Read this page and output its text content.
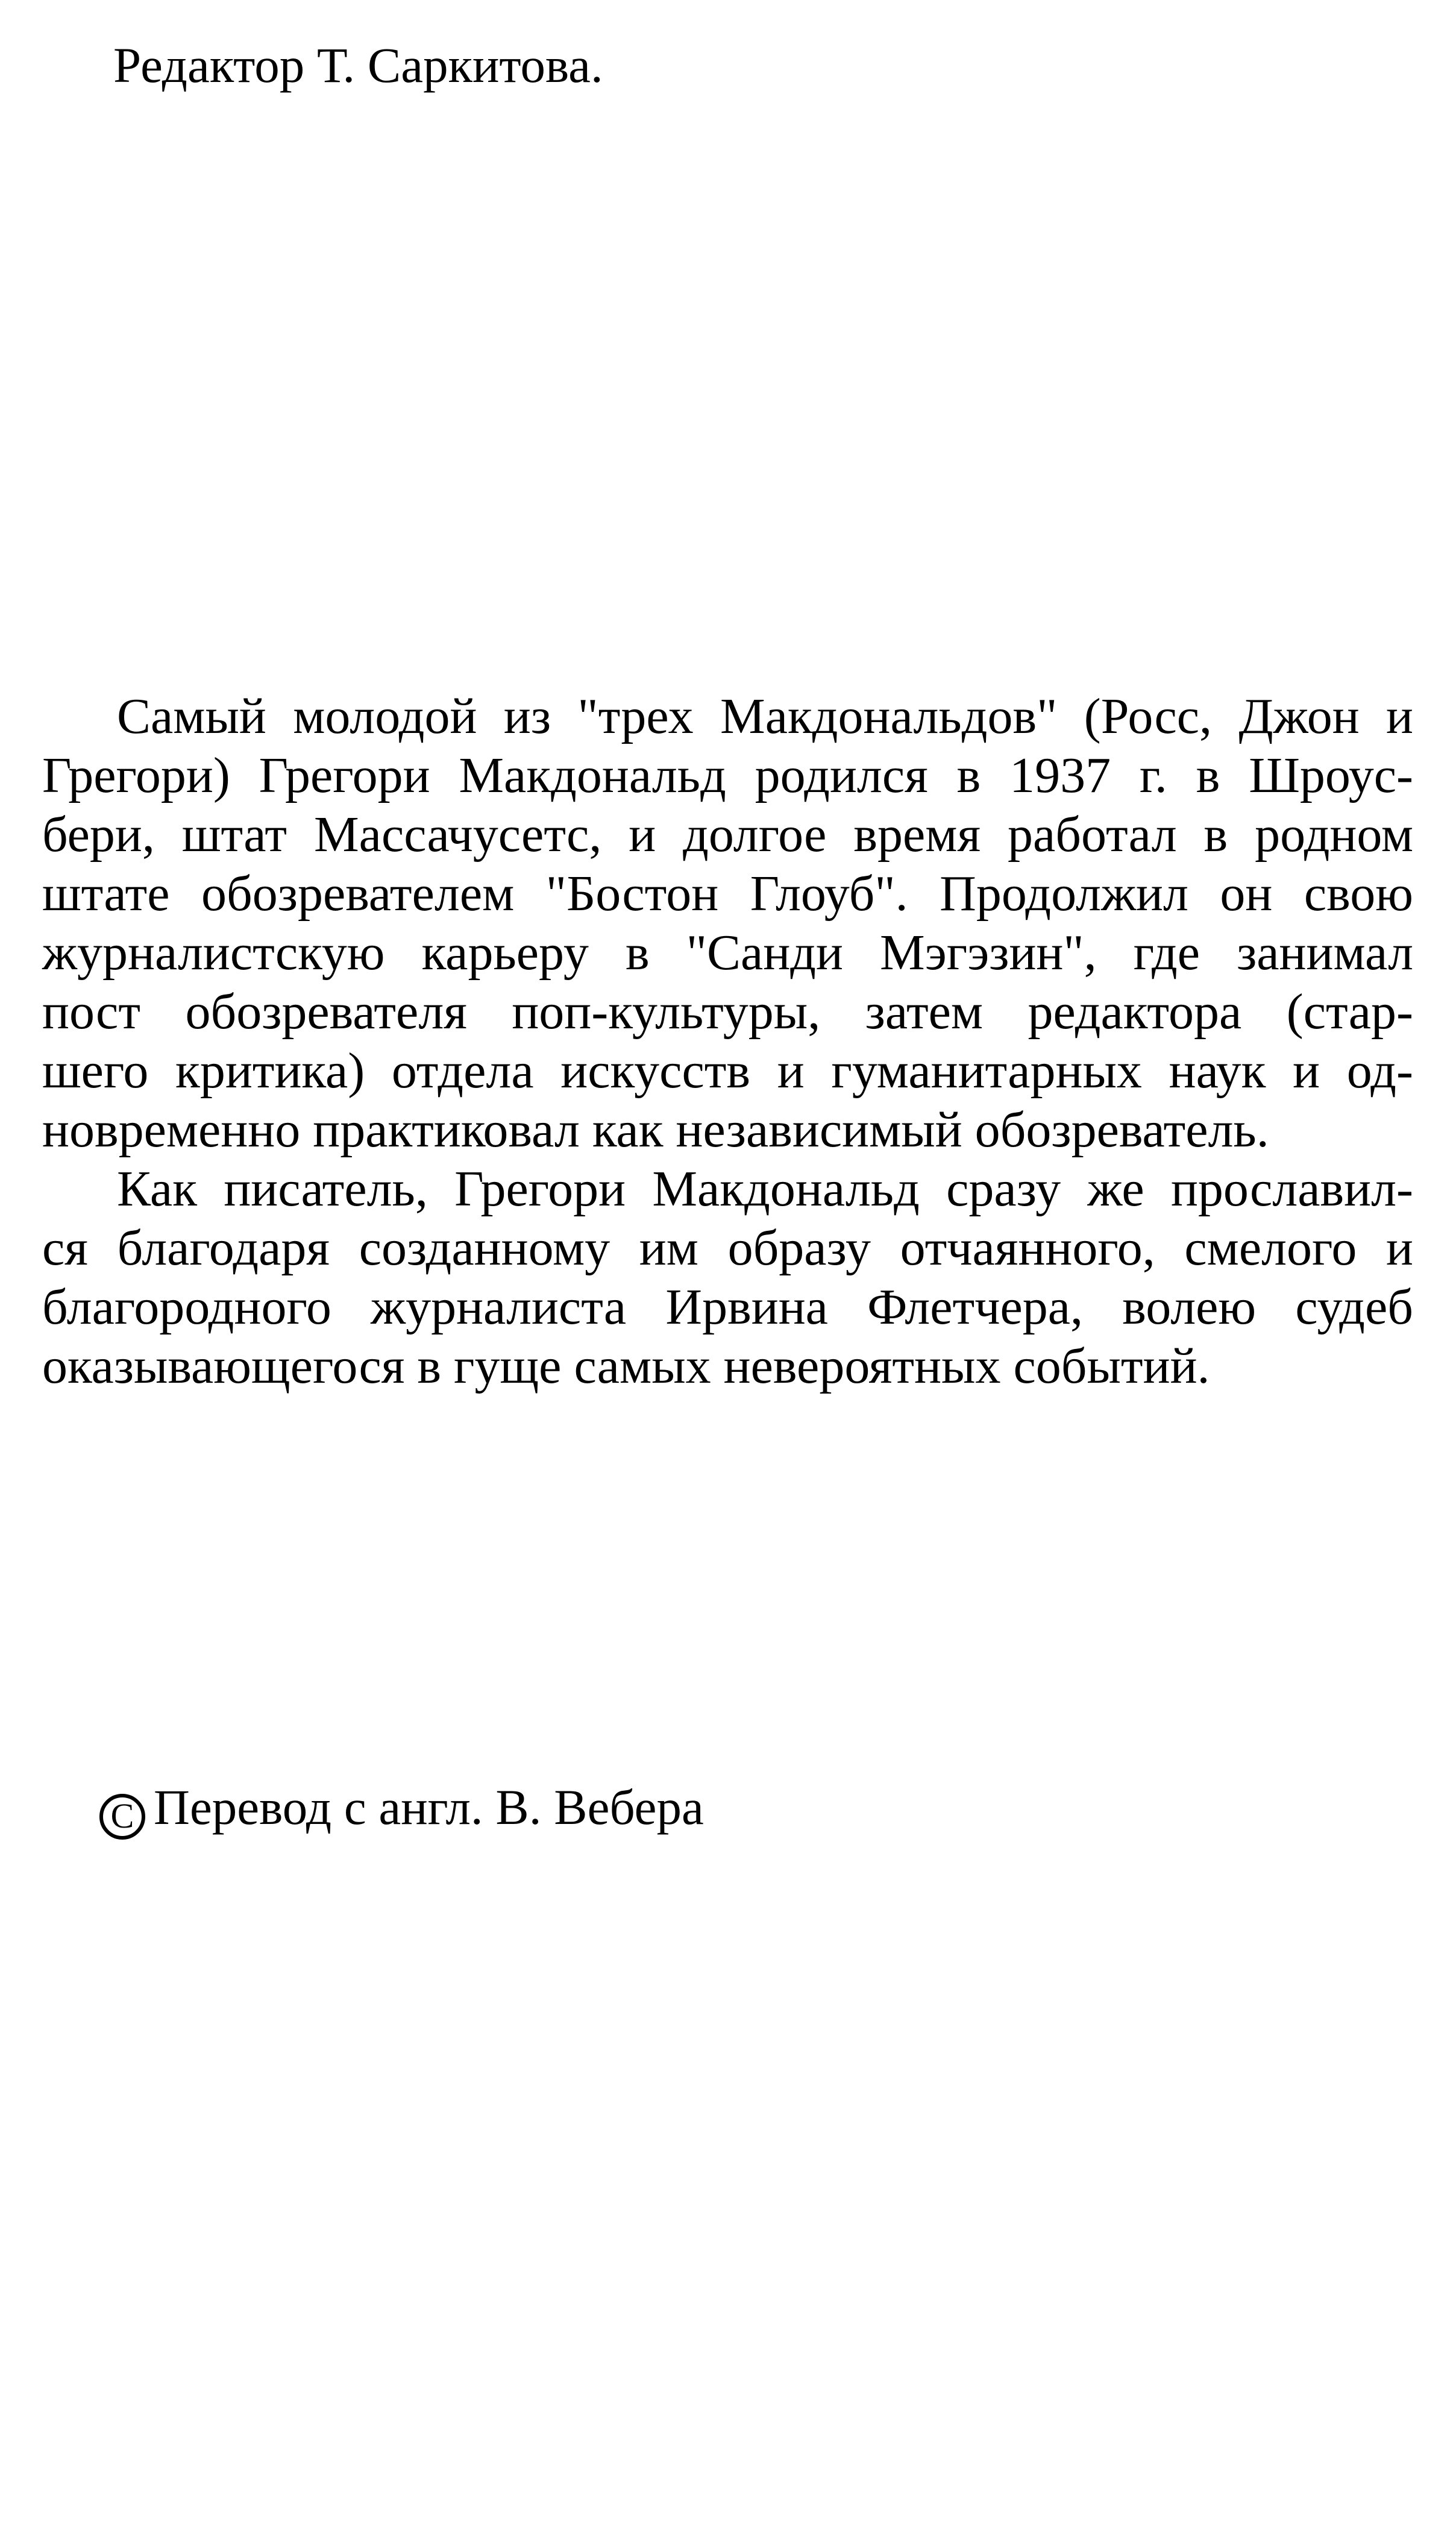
Редактор Т. Саркитова.

Самый молодой из "трех Макдональдов" (Росс, Джон и
Грегори) Грегори Макдональд родился в 1937 г. в Шроус-
бери, штат Массачусетс, и долгое время работал в родном
штате обозревателем "Бостон Глоуб". Продолжил он свою
журналистскую карьеру в "Санди Мэгэзин", где занимал
пост обозревателя поп-культуры, затем редактора (стар-
шего критика) отдела искусств и гуманитарных наук и од-
новременно практиковал как независимый обозреватель.
Как писатель, Грегори Макдональд сразу же прославил-
ся благодаря созданному им образу отчаянного, смелого и
благородного журналиста Ирвина Флетчера, волею судеб
оказывающегося в гуще самых невероятных событий.

C Перевод с англ. В. Вебера
